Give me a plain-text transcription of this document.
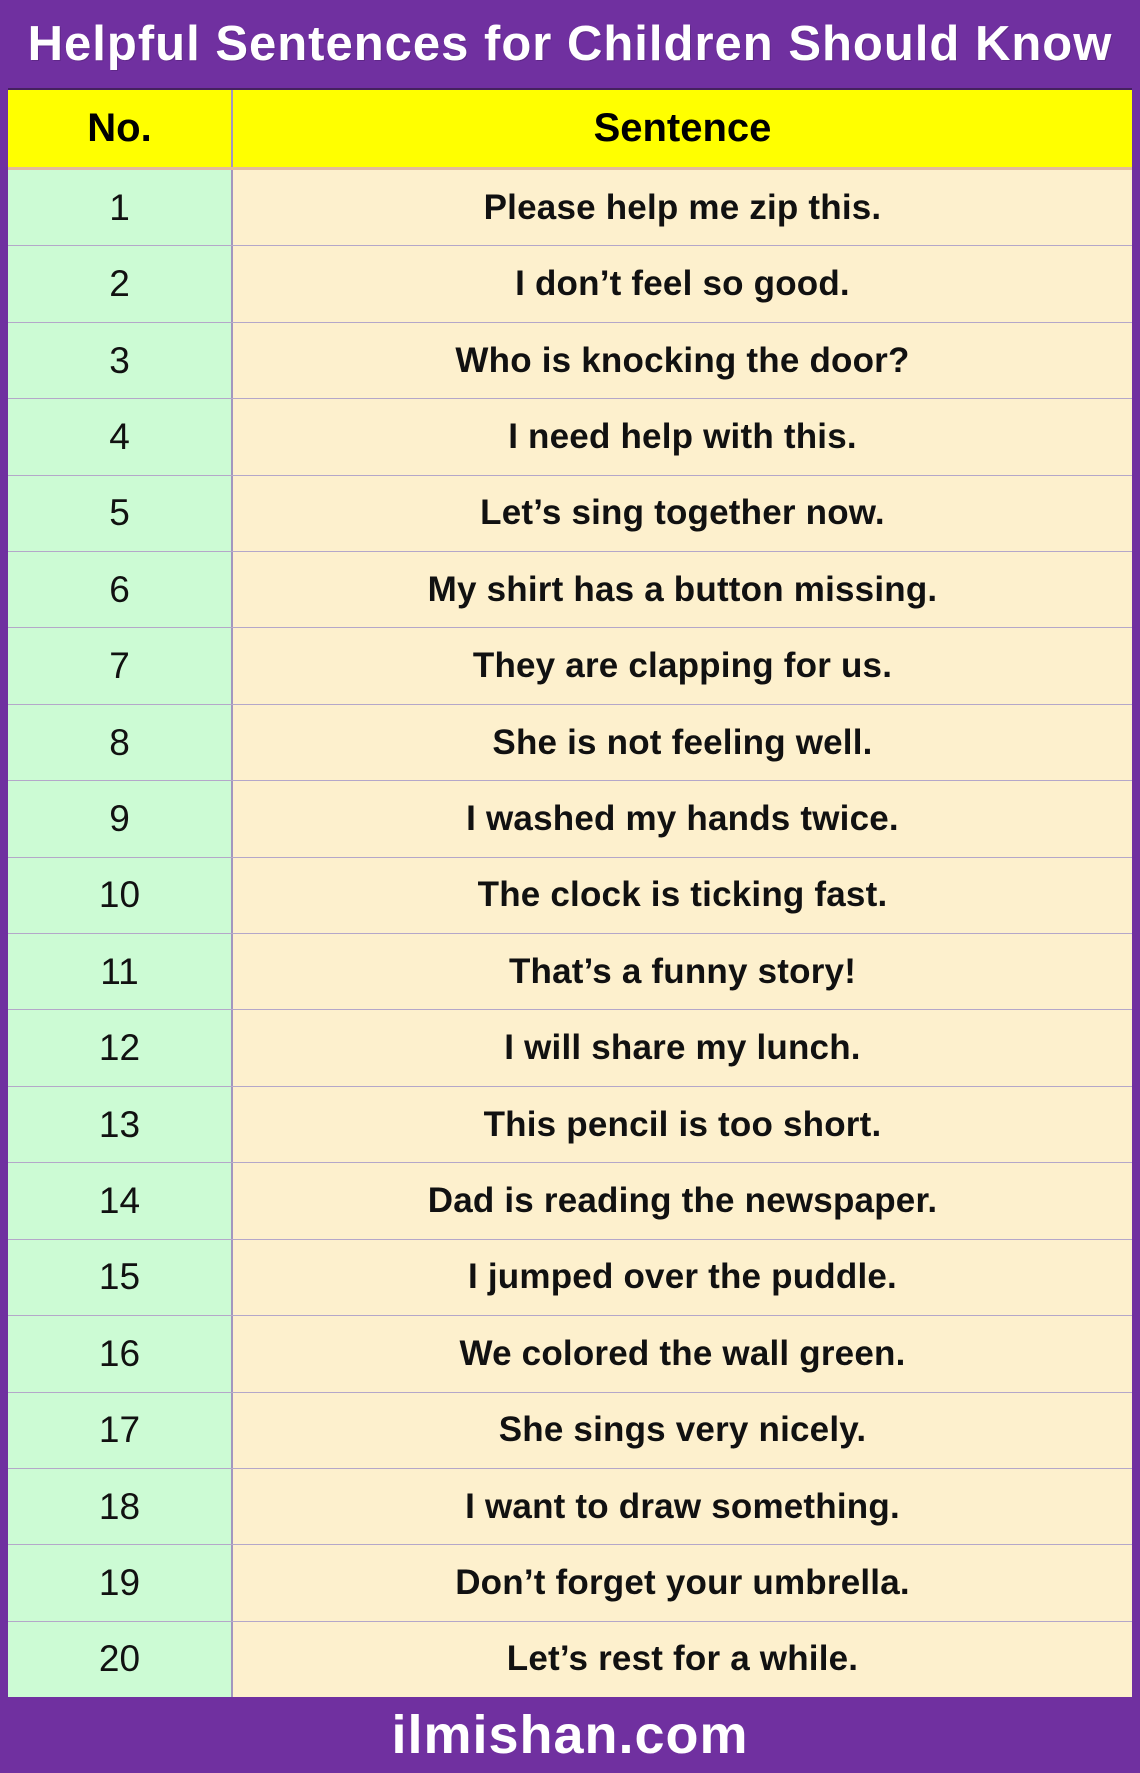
Helpful Sentences for Children Should Know
No.	Sentence
1	Please help me zip this.
2	I don’t feel so good.
3	Who is knocking the door?
4	I need help with this.
5	Let’s sing together now.
6	My shirt has a button missing.
7	They are clapping for us.
8	She is not feeling well.
9	I washed my hands twice.
10	The clock is ticking fast.
11	That’s a funny story!
12	I will share my lunch.
13	This pencil is too short.
14	Dad is reading the newspaper.
15	I jumped over the puddle.
16	We colored the wall green.
17	She sings very nicely.
18	I want to draw something.
19	Don’t forget your umbrella.
20	Let’s rest for a while.
ilmishan.com
